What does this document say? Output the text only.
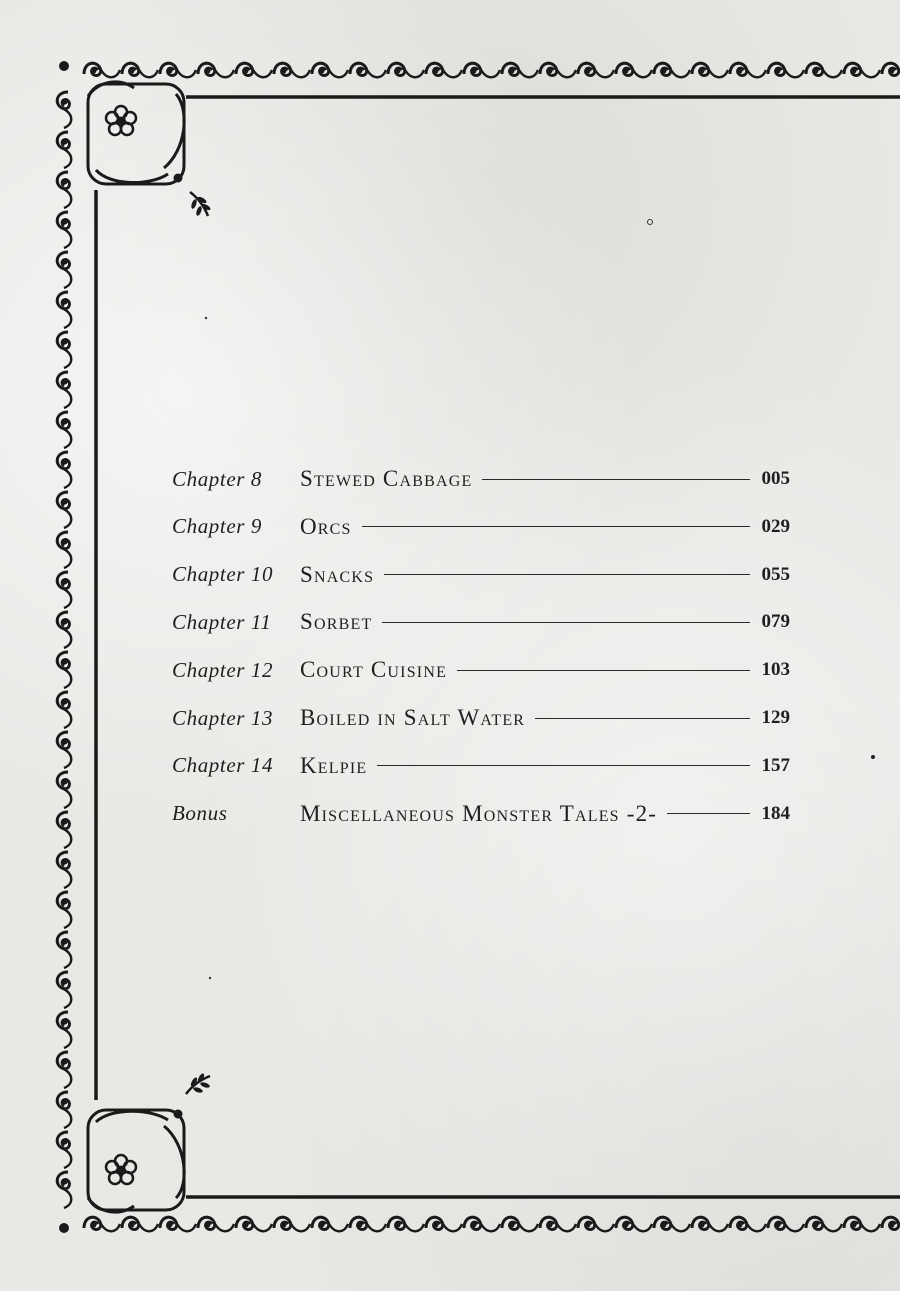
Chapter 8	Stewed Cabbage	005
Chapter 9	Orcs	029
Chapter 10	Snacks	055
Chapter 11	Sorbet	079
Chapter 12	Court Cuisine	103
Chapter 13	Boiled in Salt Water	129
Chapter 14	Kelpie	157
Bonus	Miscellaneous Monster Tales -2-	184
